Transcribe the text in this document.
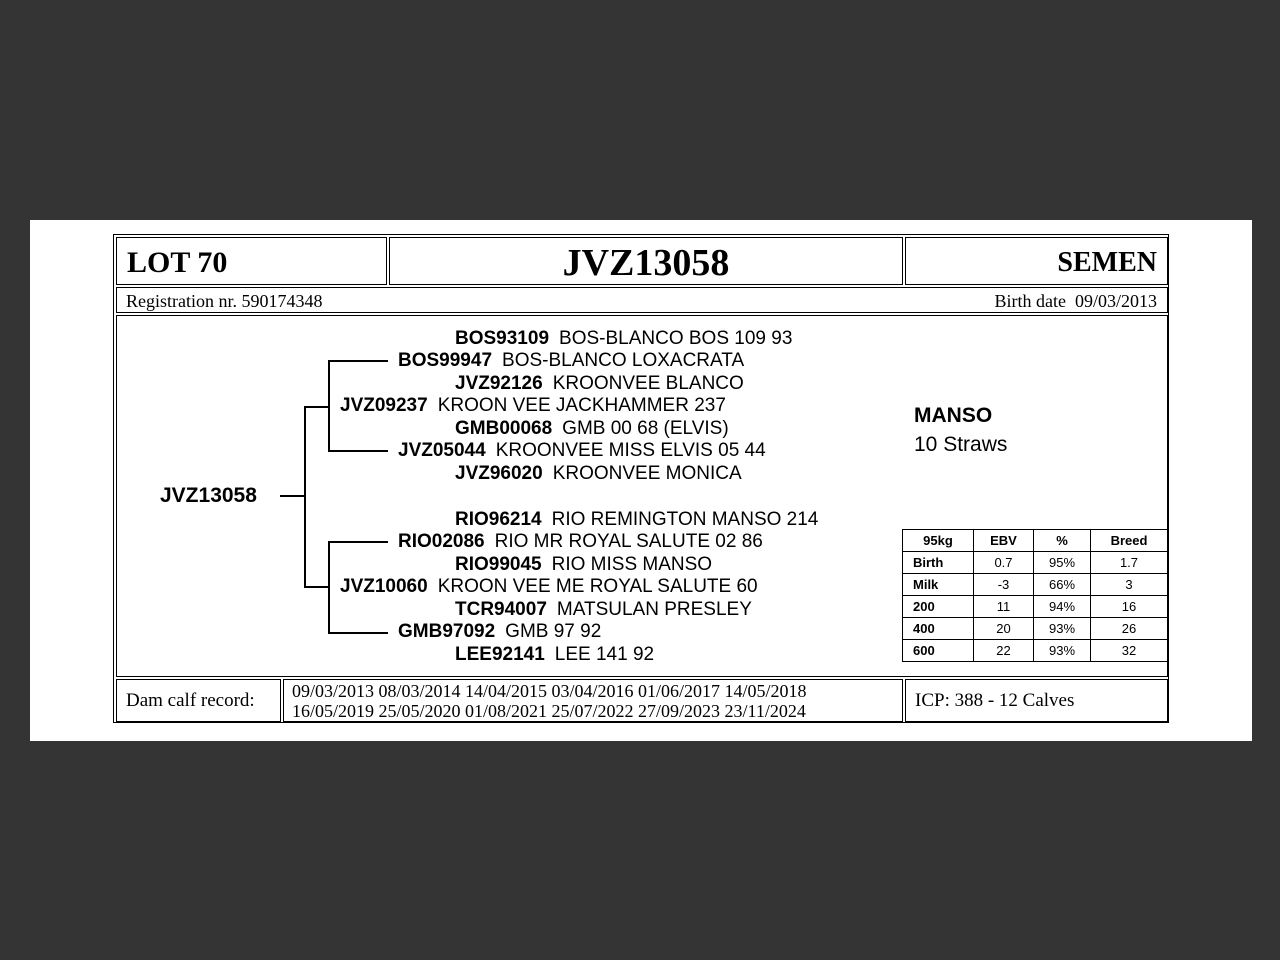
LOT 70	JVZ13058	SEMEN
Registration nr. 590174348	Birth date 09/03/2013
JVZ13058
BOS93109 BOS-BLANCO BOS 109 93
BOS99947 BOS-BLANCO LOXACRATA
JVZ92126 KROONVEE BLANCO
JVZ09237 KROON VEE JACKHAMMER 237
GMB00068 GMB 00 68 (ELVIS)
JVZ05044 KROONVEE MISS ELVIS 05 44
JVZ96020 KROONVEE MONICA
RIO96214 RIO REMINGTON MANSO 214
RIO02086 RIO MR ROYAL SALUTE 02 86
RIO99045 RIO MISS MANSO
JVZ10060 KROON VEE ME ROYAL SALUTE 60
TCR94007 MATSULAN PRESLEY
GMB97092 GMB 97 92
LEE92141 LEE 141 92
MANSO
10 Straws
95kg	EBV	%	Breed
Birth	0.7	95%	1.7
Milk	-3	66%	3
200	11	94%	16
400	20	93%	26
600	22	93%	32
Dam calf record:	09/03/2013 08/03/2014 14/04/2015 03/04/2016 01/06/2017 14/05/2018
16/05/2019 25/05/2020 01/08/2021 25/07/2022 27/09/2023 23/11/2024	ICP: 388 - 12 Calves
